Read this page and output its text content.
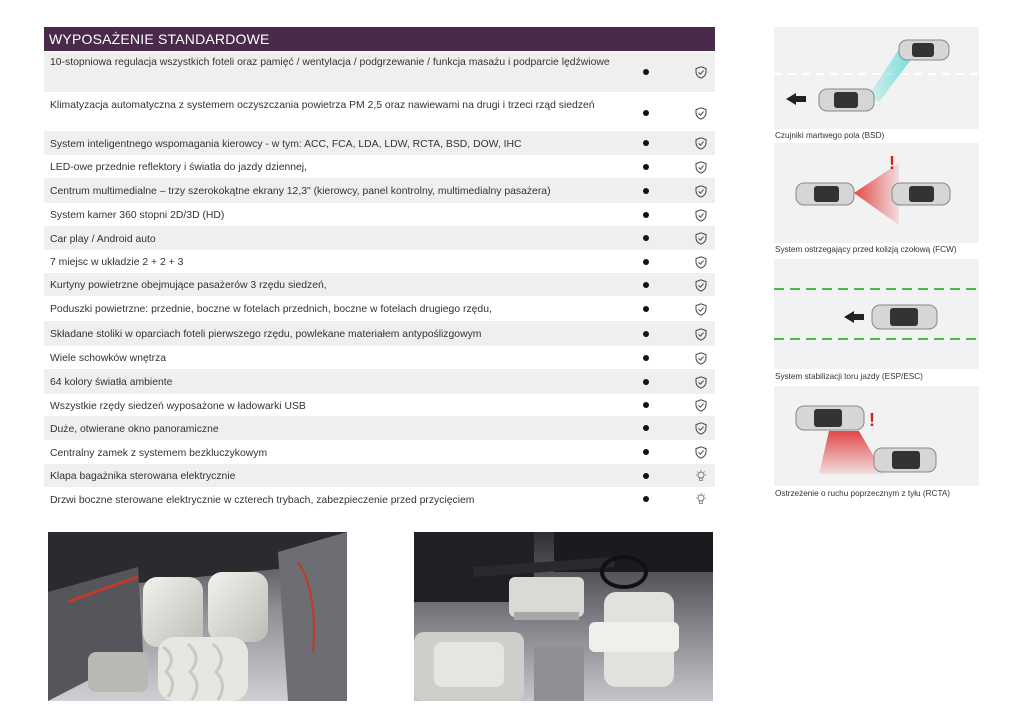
WYPOSAŻENIE STANDARDOWE
10-stopniowa regulacja wszystkich foteli oraz pamięć / wentylacja / podgrzewanie / funkcja masażu i podparcie lędźwiowe
Klimatyzacja automatyczna z systemem oczyszczania powietrza PM 2,5 oraz nawiewami na drugi i trzeci rząd siedzeń
System inteligentnego wspomagania kierowcy - w tym: ACC, FCA, LDA, LDW, RCTA, BSD, DOW, IHC
LED-owe przednie reflektory i światła do jazdy dziennej,
Centrum multimedialne – trzy szerokokątne ekrany 12,3" (kierowcy, panel kontrolny, multimedialny pasażera)
System kamer 360 stopni 2D/3D (HD)
Car play / Android auto
7 miejsc w układzie 2 + 2 + 3
Kurtyny powietrzne obejmujące pasażerów 3 rzędu siedzeń,
Poduszki powietrzne: przednie, boczne w fotelach przednich, boczne w fotelach drugiego rzędu,
Składane stoliki w oparciach foteli pierwszego rzędu, powlekane materiałem antypoślizgowym
Wiele schowków wnętrza
64 kolory światła ambiente
Wszystkie rzędy siedzeń wyposażone w ładowarki USB
Duże, otwierane okno panoramiczne
Centralny zamek z systemem bezkluczykowym
Klapa bagażnika sterowana elektrycznie
Drzwi boczne sterowane elektrycznie w czterech trybach, zabezpieczenie przed przycięciem
Czujniki martwego pola (BSD)
!
System ostrzegający przed kolizją czołową (FCW)
System stabilizacji toru jazdy (ESP/ESC)
!
Ostrzeżenie o ruchu poprzecznym z tyłu (RCTA)
